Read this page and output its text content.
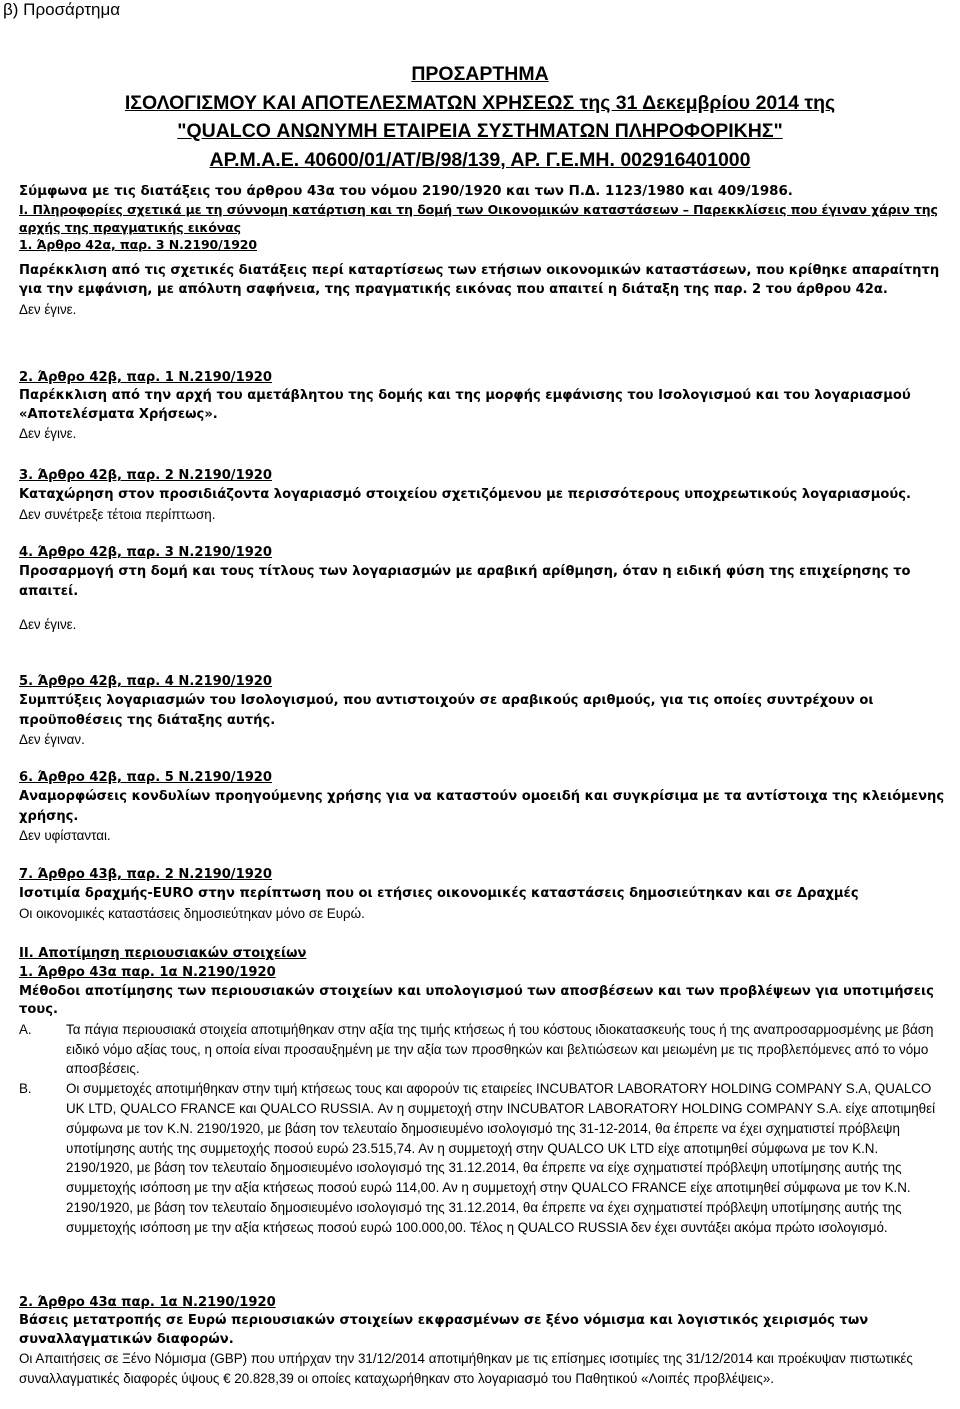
β) Προσάρτημα
ΠΡΟΣΑΡΤΗΜΑ
ΙΣΟΛΟΓΙΣΜΟΥ ΚΑΙ ΑΠΟΤΕΛΕΣΜΑΤΩΝ ΧΡΗΣΕΩΣ της 31 Δεκεμβρίου 2014 της
"QUALCO ΑΝΩΝΥΜΗ ΕΤΑΙΡΕΙΑ ΣΥΣΤΗΜΑΤΩΝ ΠΛΗΡΟΦΟΡΙΚΗΣ"
ΑΡ.Μ.Α.Ε. 40600/01/ΑΤ/Β/98/139, ΑΡ. Γ.Ε.ΜΗ. 002916401000
Σύμφωνα με τις διατάξεις του άρθρου 43α του νόμου 2190/1920 και των Π.Δ. 1123/1980 και 409/1986.

Ι. Πληροφορίες σχετικά με τη σύννομη κατάρτιση και τη δομή των Οικονομικών καταστάσεων – Παρεκκλίσεις που έγιναν χάριν της αρχής της πραγματικής εικόνας

1. Άρθρο 42α, παρ. 3 Ν.2190/1920

Παρέκκλιση από τις σχετικές διατάξεις περί καταρτίσεως των ετήσιων οικονομικών καταστάσεων, που κρίθηκε απαραίτητη για την εμφάνιση, με απόλυτη σαφήνεια, της πραγματικής εικόνας που απαιτεί η διάταξη της παρ. 2 του άρθρου 42α.

Δεν έγινε.

2. Άρθρο 42β, παρ. 1 Ν.2190/1920

Παρέκκλιση από την αρχή του αμετάβλητου της δομής και της μορφής εμφάνισης του Ισολογισμού και του λογαριασμού «Αποτελέσματα Χρήσεως».

Δεν έγινε.

3. Άρθρο 42β, παρ. 2 Ν.2190/1920

Καταχώρηση στον προσιδιάζοντα λογαριασμό στοιχείου σχετιζόμενου με περισσότερους υποχρεωτικούς λογαριασμούς.

Δεν συνέτρεξε τέτοια περίπτωση.

4. Άρθρο 42β, παρ. 3 Ν.2190/1920

Προσαρμογή στη δομή και τους τίτλους των λογαριασμών με αραβική αρίθμηση, όταν η ειδική φύση της επιχείρησης το απαιτεί.

Δεν έγινε.

5. Άρθρο 42β, παρ. 4 Ν.2190/1920

Συμπτύξεις λογαριασμών του Ισολογισμού, που αντιστοιχούν σε αραβικούς αριθμούς, για τις οποίες συντρέχουν οι προϋποθέσεις της διάταξης αυτής.

Δεν έγιναν.

6. Άρθρο 42β, παρ. 5 Ν.2190/1920

Αναμορφώσεις κονδυλίων προηγούμενης χρήσης για να καταστούν ομοειδή και συγκρίσιμα με τα αντίστοιχα της κλειόμενης χρήσης.

Δεν υφίστανται.

7. Άρθρο 43β, παρ. 2 Ν.2190/1920

Ισοτιμία δραχμής-EURO στην περίπτωση που οι ετήσιες οικονομικές καταστάσεις δημοσιεύτηκαν και σε Δραχμές

Οι οικονομικές καταστάσεις δημοσιεύτηκαν μόνο σε Ευρώ.

ΙΙ. Αποτίμηση περιουσιακών στοιχείων

1. Άρθρο 43α παρ. 1α Ν.2190/1920

Μέθοδοι αποτίμησης των περιουσιακών στοιχείων και υπολογισμού των αποσβέσεων και των προβλέψεων για υποτιμήσεις τους.

Α.	Τα πάγια περιουσιακά στοιχεία αποτιμήθηκαν στην αξία της τιμής κτήσεως ή του κόστους ιδιοκατασκευής τους ή της αναπροσαρμοσμένης με βάση ειδικό νόμο αξίας τους, η οποία είναι προσαυξημένη με την αξία των προσθηκών και βελτιώσεων και μειωμένη με τις προβλεπόμενες από το νόμο αποσβέσεις.
Β.	Οι συμμετοχές αποτιμήθηκαν στην τιμή κτήσεως τους και αφορούν τις εταιρείες INCUBATOR LABORATORY HOLDING COMPANY S.A, QUALCO UK LTD, QUALCO FRANCE και QUALCO RUSSIA. Αν η συμμετοχή στην INCUBATOR LABORATORY HOLDING COMPANY S.A. είχε αποτιμηθεί σύμφωνα με τον Κ.Ν. 2190/1920, με βάση τον τελευταίο δημοσιευμένο ισολογισμό της 31-12-2014, θα έπρεπε να έχει σχηματιστεί πρόβλεψη υποτίμησης αυτής της συμμετοχής ποσού ευρώ 23.515,74. Αν η συμμετοχή στην QUALCO UK LTD είχε αποτιμηθεί σύμφωνα με τον Κ.Ν. 2190/1920, με βάση τον τελευταίο δημοσιευμένο ισολογισμό της 31.12.2014, θα έπρεπε να είχε σχηματιστεί πρόβλεψη υποτίμησης αυτής της συμμετοχής ισόποση με την αξία κτήσεως ποσού ευρώ 114,00. Αν η συμμετοχή στην QUALCO FRANCE είχε αποτιμηθεί σύμφωνα με τον Κ.Ν. 2190/1920, με βάση τον τελευταίο δημοσιευμένο ισολογισμό της 31.12.2014, θα έπρεπε να έχει σχηματιστεί πρόβλεψη υποτίμησης αυτής της συμμετοχής ισόποση με την αξία κτήσεως ποσού ευρώ 100.000,00. Τέλος η QUALCO RUSSIA δεν έχει συντάξει ακόμα πρώτο ισολογισμό.

2. Άρθρο 43α παρ. 1α Ν.2190/1920

Βάσεις μετατροπής σε Ευρώ περιουσιακών στοιχείων εκφρασμένων σε ξένο νόμισμα και λογιστικός χειρισμός των συναλλαγματικών διαφορών.

Οι Απαιτήσεις σε Ξένο Νόμισμα (GBP) που υπήρχαν την 31/12/2014 αποτιμήθηκαν με τις επίσημες ισοτιμίες της 31/12/2014 και προέκυψαν πιστωτικές συναλλαγματικές διαφορές ύψους € 20.828,39 οι οποίες καταχωρήθηκαν στο λογαριασμό του Παθητικού «Λοιπές προβλέψεις».
